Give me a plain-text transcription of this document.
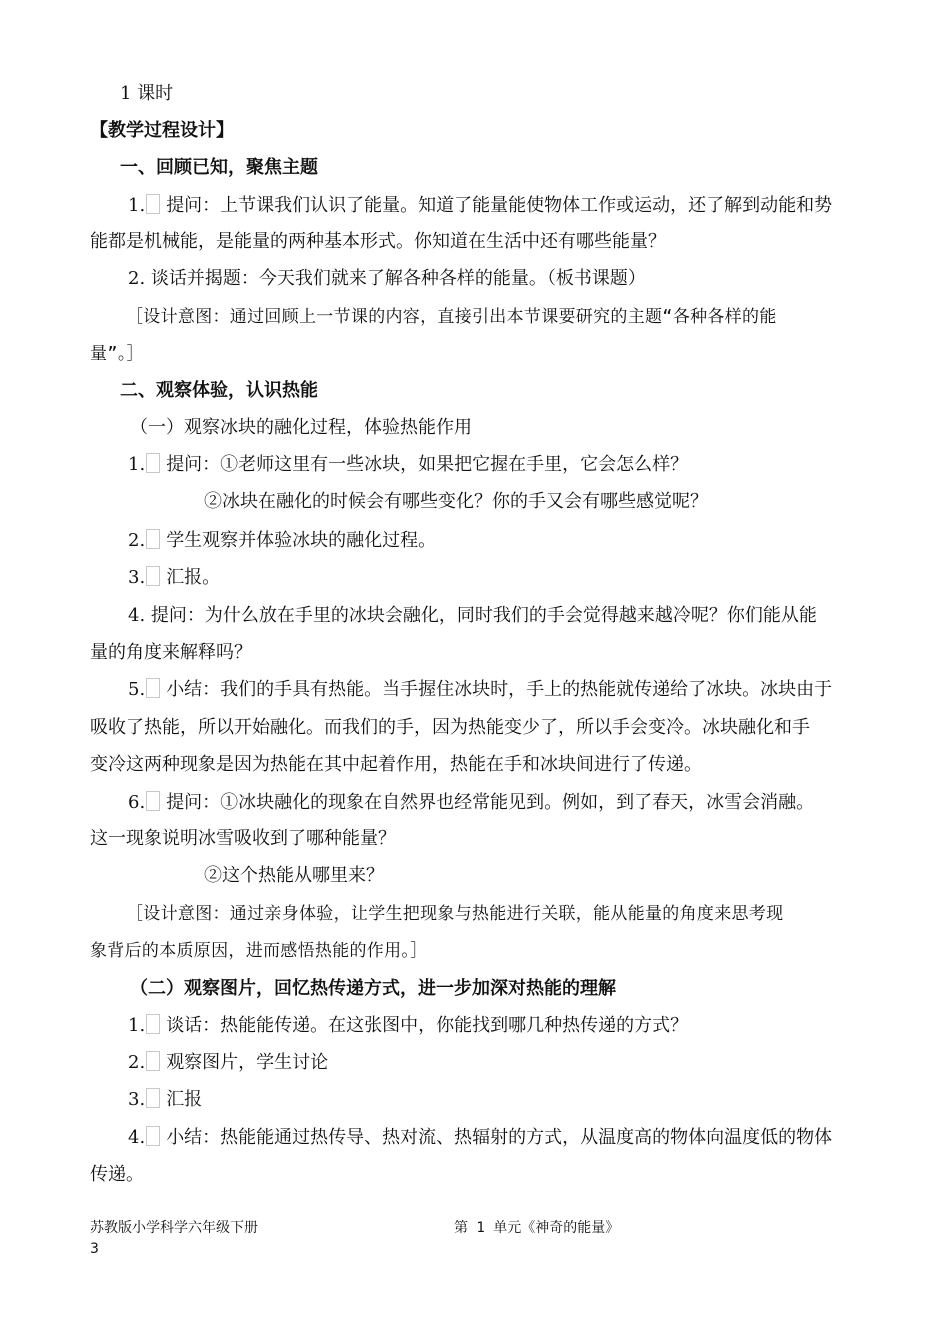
1 课时
【教学过程设计】
一、回顾已知，聚焦主题
1. 提问：上节课我们认识了能量。知道了能量能使物体工作或运动，还了解到动能和势
能都是机械能，是能量的两种基本形式。你知道在生活中还有哪些能量？
2. 谈话并揭题：今天我们就来了解各种各样的能量。（板书课题）
［设计意图：通过回顾上一节课的内容，直接引出本节课要研究的主题“各种各样的能
量”。］
二、观察体验，认识热能
（一）观察冰块的融化过程，体验热能作用
1. 提问：①老师这里有一些冰块，如果把它握在手里，它会怎么样？
②冰块在融化的时候会有哪些变化？你的手又会有哪些感觉呢？
2. 学生观察并体验冰块的融化过程。
3. 汇报。
4. 提问：为什么放在手里的冰块会融化，同时我们的手会觉得越来越冷呢？你们能从能
量的角度来解释吗？
5. 小结：我们的手具有热能。当手握住冰块时，手上的热能就传递给了冰块。冰块由于
吸收了热能，所以开始融化。而我们的手，因为热能变少了，所以手会变冷。冰块融化和手
变冷这两种现象是因为热能在其中起着作用，热能在手和冰块间进行了传递。
6. 提问：①冰块融化的现象在自然界也经常能见到。例如，到了春天，冰雪会消融。
这一现象说明冰雪吸收到了哪种能量？
②这个热能从哪里来？
［设计意图：通过亲身体验，让学生把现象与热能进行关联，能从能量的角度来思考现
象背后的本质原因，进而感悟热能的作用。］
（二）观察图片，回忆热传递方式，进一步加深对热能的理解
1. 谈话：热能能传递。在这张图中，你能找到哪几种热传递的方式？
2. 观察图片，学生讨论
3. 汇报
4. 小结：热能能通过热传导、热对流、热辐射的方式，从温度高的物体向温度低的物体
传递。
苏教版小学科学六年级下册	第 1 单元《神奇的能量》
3
